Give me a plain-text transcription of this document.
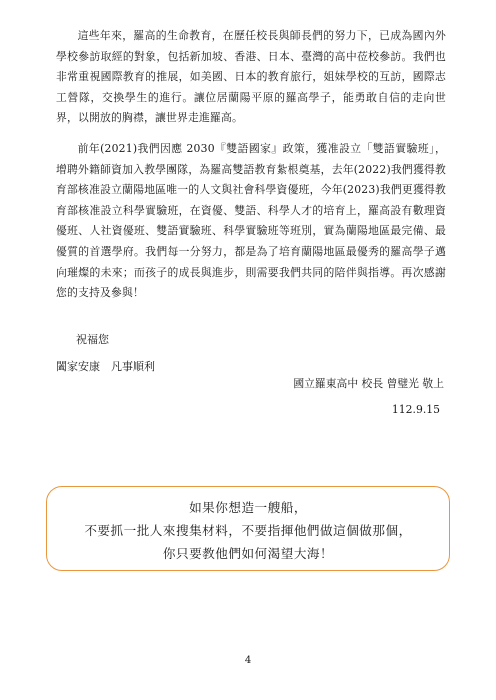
這些年來，羅高的生命教育，在歷任校長與師長們的努力下，已成為國內外學校參訪取經的對象，包括新加坡、香港、日本、臺灣的高中莅校參訪。我們也非常重視國際教育的推展，如美國、日本的教育旅行，姐妹學校的互訪，國際志工營隊，交換學生的進行。讓位居蘭陽平原的羅高學子，能勇敢自信的走向世界，以開放的胸襟，讓世界走進羅高。

前年(2021)我們因應 2030『雙語國家』政策，獲准設立「雙語實驗班」，增聘外籍師資加入教學團隊，為羅高雙語教育紮根奠基，去年(2022)我們獲得教育部核准設立蘭陽地區唯一的人文與社會科學資優班，今年(2023)我們更獲得教育部核准設立科學實驗班，在資優、雙語、科學人才的培育上，羅高設有數理資優班、人社資優班、雙語實驗班、科學實驗班等班別，實為蘭陽地區最完備、最優質的首選學府。我們每一分努力，都是為了培育蘭陽地區最優秀的羅高學子邁向璀燦的未來；而孩子的成長與進步，則需要我們共同的陪伴與指導。再次感謝您的支持及參與！

祝福您
闔家安康　凡事順利
國立羅東高中 校長 曾璧光 敬上
112.9.15
如果你想造一艘船，
不要抓一批人來搜集材料，不要指揮他們做這個做那個，
你只要教他們如何渴望大海！
4
